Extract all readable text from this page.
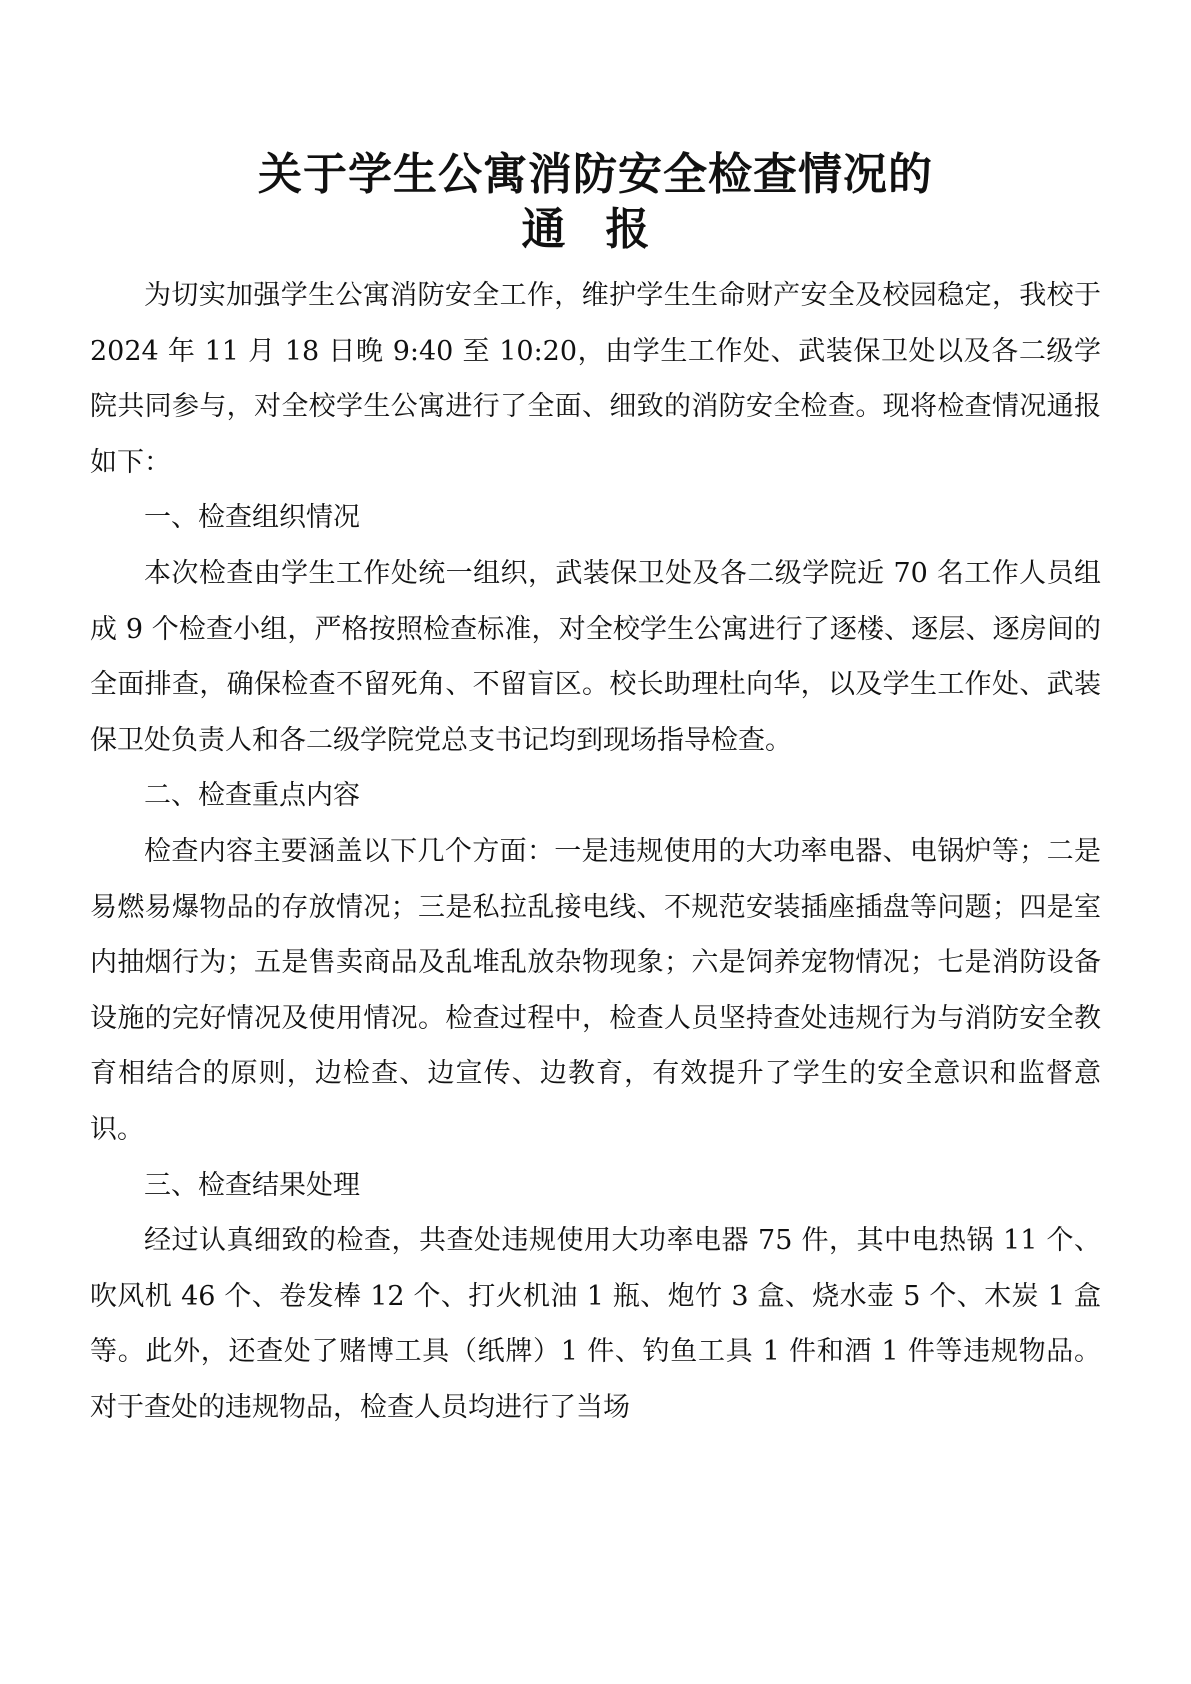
关于学生公寓消防安全检查情况的
通报

为切实加强学生公寓消防安全工作，维护学生生命财产安全及校园稳定，我校于 2024 年 11 月 18 日晚 9:40 至 10:20，由学生工作处、武装保卫处以及各二级学院共同参与，对全校学生公寓进行了全面、细致的消防安全检查。现将检查情况通报如下：

一、检查组织情况

本次检查由学生工作处统一组织，武装保卫处及各二级学院近 70 名工作人员组成 9 个检查小组，严格按照检查标准，对全校学生公寓进行了逐楼、逐层、逐房间的全面排查，确保检查不留死角、不留盲区。校长助理杜向华，以及学生工作处、武装保卫处负责人和各二级学院党总支书记均到现场指导检查。

二、检查重点内容

检查内容主要涵盖以下几个方面：一是违规使用的大功率电器、电锅炉等；二是易燃易爆物品的存放情况；三是私拉乱接电线、不规范安装插座插盘等问题；四是室内抽烟行为；五是售卖商品及乱堆乱放杂物现象；六是饲养宠物情况；七是消防设备设施的完好情况及使用情况。检查过程中，检查人员坚持查处违规行为与消防安全教育相结合的原则，边检查、边宣传、边教育，有效提升了学生的安全意识和监督意识。

三、检查结果处理

经过认真细致的检查，共查处违规使用大功率电器 75 件，其中电热锅 11 个、吹风机 46 个、卷发棒 12 个、打火机油 1 瓶、炮竹 3 盒、烧水壶 5 个、木炭 1 盒等。此外，还查处了赌博工具（纸牌）1 件、钓鱼工具 1 件和酒 1 件等违规物品。对于查处的违规物品，检查人员均进行了当场
